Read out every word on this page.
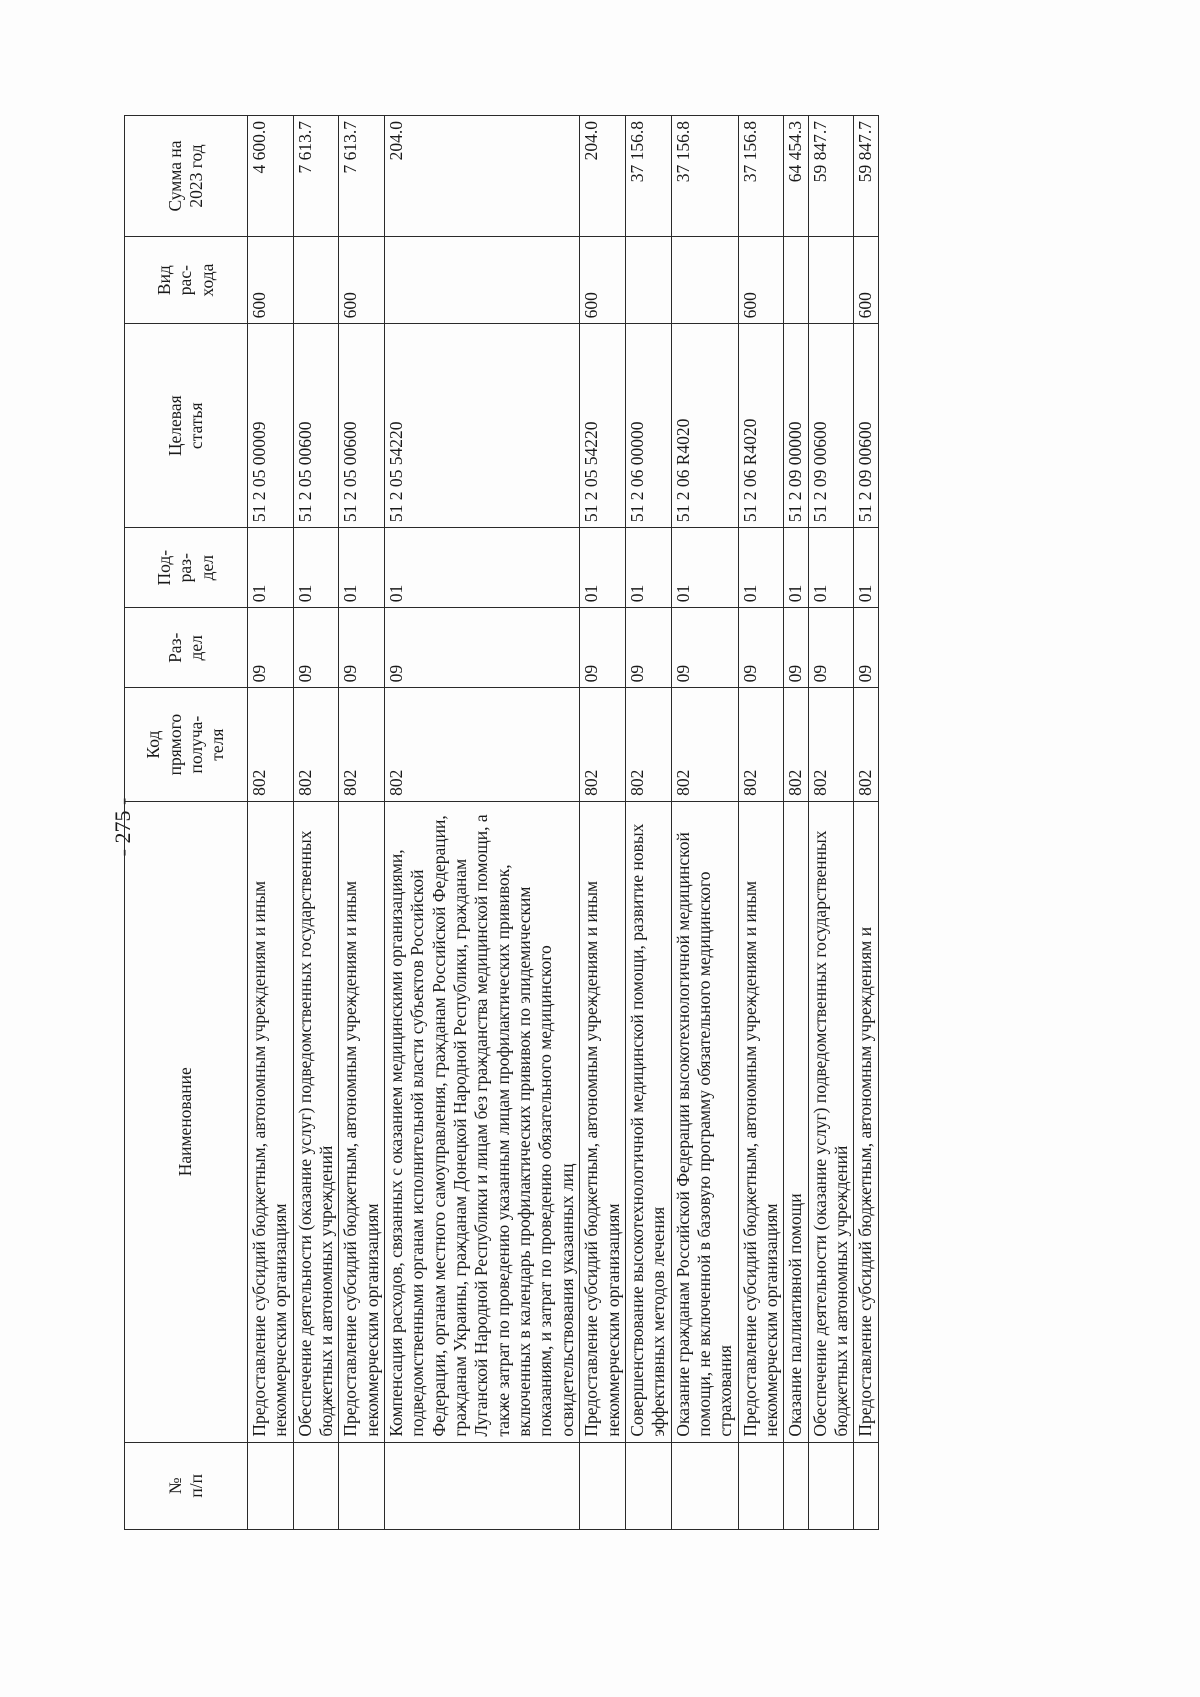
- 275 -
№
п/п	Наименование	Код
прямого
получа-
теля	Раз-
дел	Под-
раз-
дел	Целевая
статья	Вид
рас-
хода	Сумма на
2023 год
	Предоставление субсидий бюджетным, автономным учреждениям и иным некоммерческим организациям	802	09	01	51 2 05 00009	600	4 600.0
	Обеспечение деятельности (оказание услуг) подведомственных государственных бюджетных и автономных учреждений	802	09	01	51 2 05 00600		7 613.7
	Предоставление субсидий бюджетным, автономным учреждениям и иным некоммерческим организациям	802	09	01	51 2 05 00600	600	7 613.7
	Компенсация расходов, связанных с оказанием медицинскими организациями, подведомственными органам исполнительной власти субъектов Российской Федерации, органам местного самоуправления, гражданам Российской Федерации, гражданам Украины, гражданам Донецкой Народной Республики, гражданам Луганской Народной Республики и лицам без гражданства медицинской помощи, а также затрат по проведению указанным лицам профилактических прививок, включенных в календарь профилактических прививок по эпидемическим показаниям, и затрат по проведению обязательного медицинского освидетельствования указанных лиц	802	09	01	51 2 05 54220		204.0
	Предоставление субсидий бюджетным, автономным учреждениям и иным некоммерческим организациям	802	09	01	51 2 05 54220	600	204.0
	Совершенствование высокотехнологичной медицинской помощи, развитие новых эффективных методов лечения	802	09	01	51 2 06 00000		37 156.8
	Оказание гражданам Российской Федерации высокотехнологичной медицинской помощи, не включенной в базовую программу обязательного медицинского страхования	802	09	01	51 2 06 R4020		37 156.8
	Предоставление субсидий бюджетным, автономным учреждениям и иным некоммерческим организациям	802	09	01	51 2 06 R4020	600	37 156.8
	Оказание паллиативной помощи	802	09	01	51 2 09 00000		64 454.3
	Обеспечение деятельности (оказание услуг) подведомственных государственных бюджетных и автономных учреждений	802	09	01	51 2 09 00600		59 847.7
	Предоставление субсидий бюджетным, автономным учреждениям и	802	09	01	51 2 09 00600	600	59 847.7
